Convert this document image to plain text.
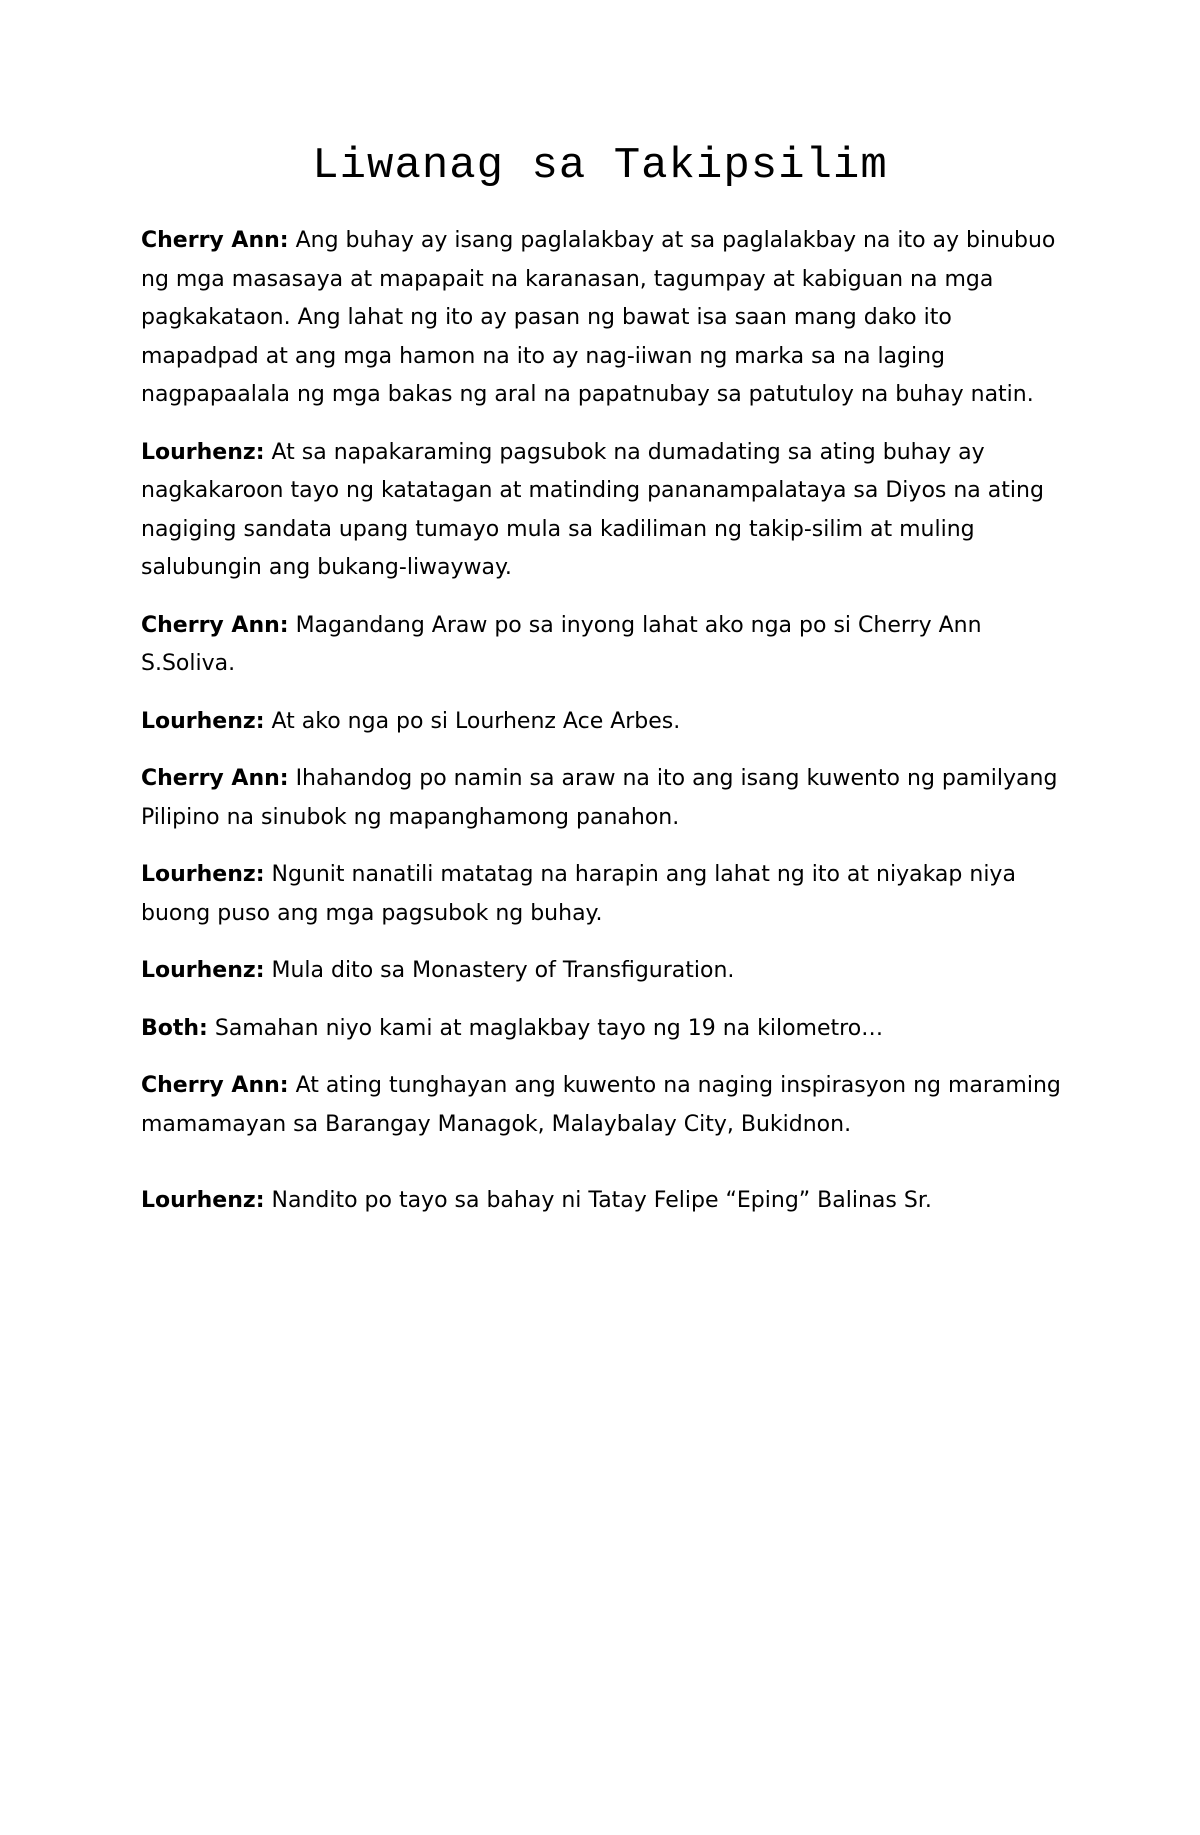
Liwanag sa Takipsilim

Cherry Ann: Ang buhay ay isang paglalakbay at sa paglalakbay na ito ay binubuo ng mga masasaya at mapapait na karanasan, tagumpay at kabiguan na mga pagkakataon. Ang lahat ng ito ay pasan ng bawat isa saan mang dako ito mapadpad at ang mga hamon na ito ay nag-iiwan ng marka sa na laging nagpapaalala ng mga bakas ng aral na papatnubay sa patutuloy na buhay natin.

Lourhenz: At sa napakaraming pagsubok na dumadating sa ating buhay ay nagkakaroon tayo ng katatagan at matinding pananampalataya sa Diyos na ating nagiging sandata upang tumayo mula sa kadiliman ng takip-silim at muling salubungin ang bukang-liwayway.

Cherry Ann: Magandang Araw po sa inyong lahat ako nga po si Cherry Ann S.Soliva.

Lourhenz: At ako nga po si Lourhenz Ace Arbes.

Cherry Ann: Ihahandog po namin sa araw na ito ang isang kuwento ng pamilyang Pilipino na sinubok ng mapanghamong panahon.

Lourhenz: Ngunit nanatili matatag na harapin ang lahat ng ito at niyakap niya buong puso ang mga pagsubok ng buhay.

Lourhenz: Mula dito sa Monastery of Transfiguration.

Both: Samahan niyo kami at maglakbay tayo ng 19 na kilometro…

Cherry Ann: At ating tunghayan ang kuwento na naging inspirasyon ng maraming mamamayan sa Barangay Managok, Malaybalay City, Bukidnon.

Lourhenz: Nandito po tayo sa bahay ni Tatay Felipe “Eping” Balinas Sr.
